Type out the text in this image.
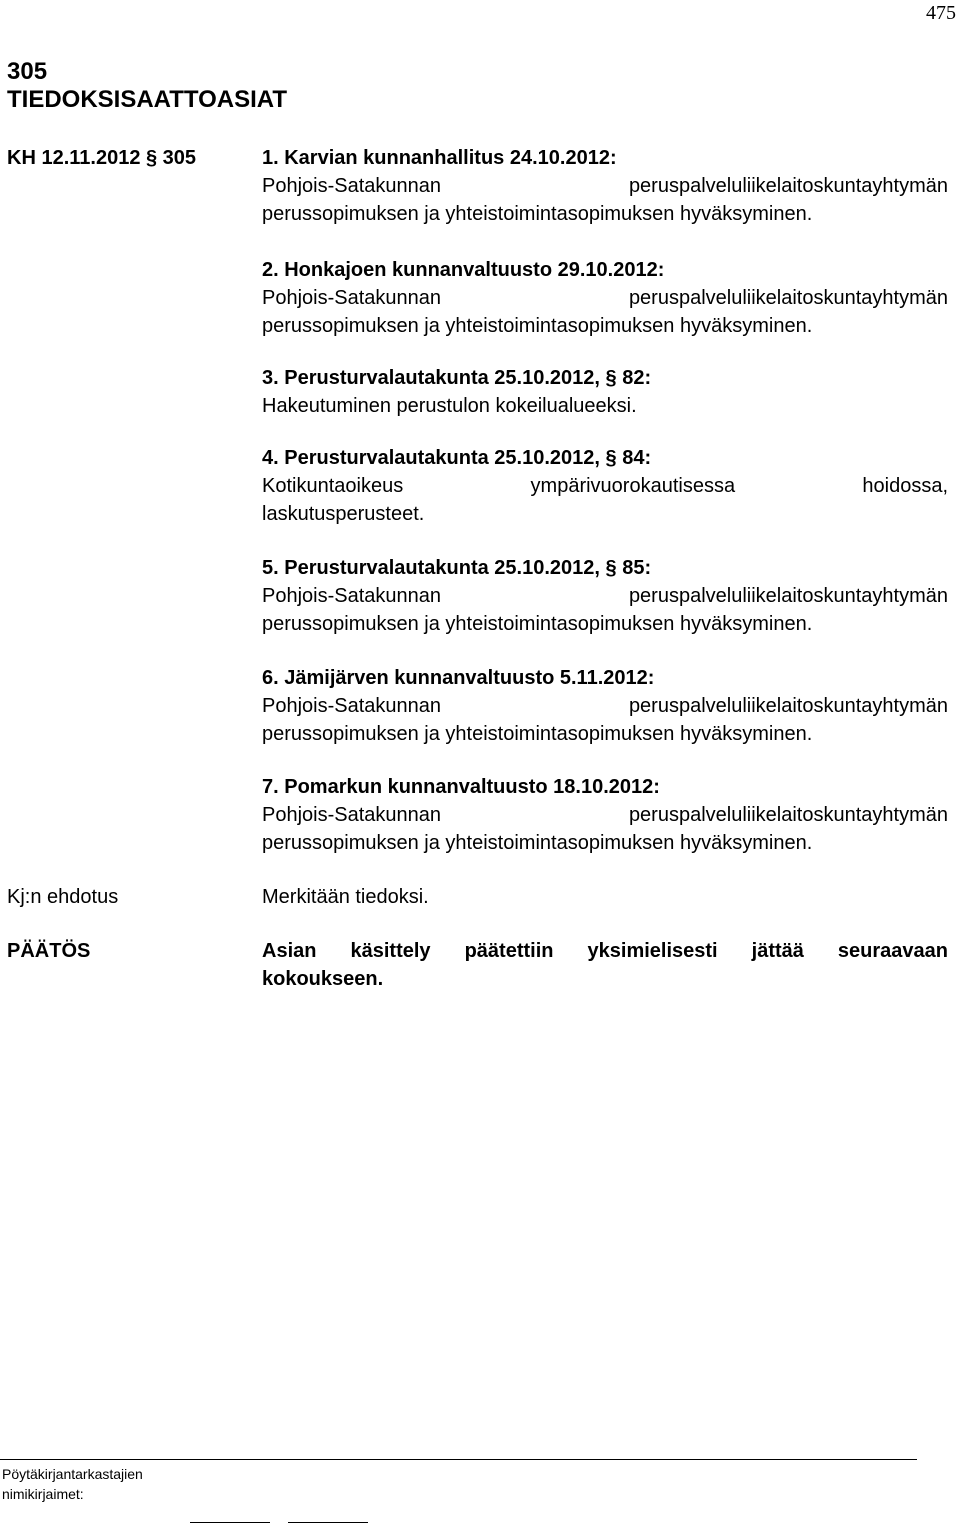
475
305
TIEDOKSISAATTOASIAT
KH 12.11.2012 § 305	1. Karvian kunnanhallitus 24.10.2012:
Pohjois-Satakunnan	peruspalveluliikelaitoskuntayhtymän
perussopimuksen ja yhteistoimintasopimuksen hyväksyminen.
2. Honkajoen kunnanvaltuusto 29.10.2012:
Pohjois-Satakunnan	peruspalveluliikelaitoskuntayhtymän
perussopimuksen ja yhteistoimintasopimuksen hyväksyminen.
3. Perusturvalautakunta 25.10.2012, § 82:
Hakeutuminen perustulon kokeilualueeksi.
4. Perusturvalautakunta 25.10.2012, § 84:
Kotikuntaoikeus	ympärivuorokautisessa	hoidossa,
laskutusperusteet.
5. Perusturvalautakunta 25.10.2012, § 85:
Pohjois-Satakunnan	peruspalveluliikelaitoskuntayhtymän
perussopimuksen ja yhteistoimintasopimuksen hyväksyminen.
6. Jämijärven kunnanvaltuusto 5.11.2012:
Pohjois-Satakunnan	peruspalveluliikelaitoskuntayhtymän
perussopimuksen ja yhteistoimintasopimuksen hyväksyminen.
7. Pomarkun kunnanvaltuusto 18.10.2012:
Pohjois-Satakunnan	peruspalveluliikelaitoskuntayhtymän
perussopimuksen ja yhteistoimintasopimuksen hyväksyminen.
Kj:n ehdotus	Merkitään tiedoksi.
PÄÄTÖS	Asian käsittely päätettiin yksimielisesti jättää seuraavaan
kokoukseen.
Pöytäkirjantarkastajien
nimikirjaimet:
